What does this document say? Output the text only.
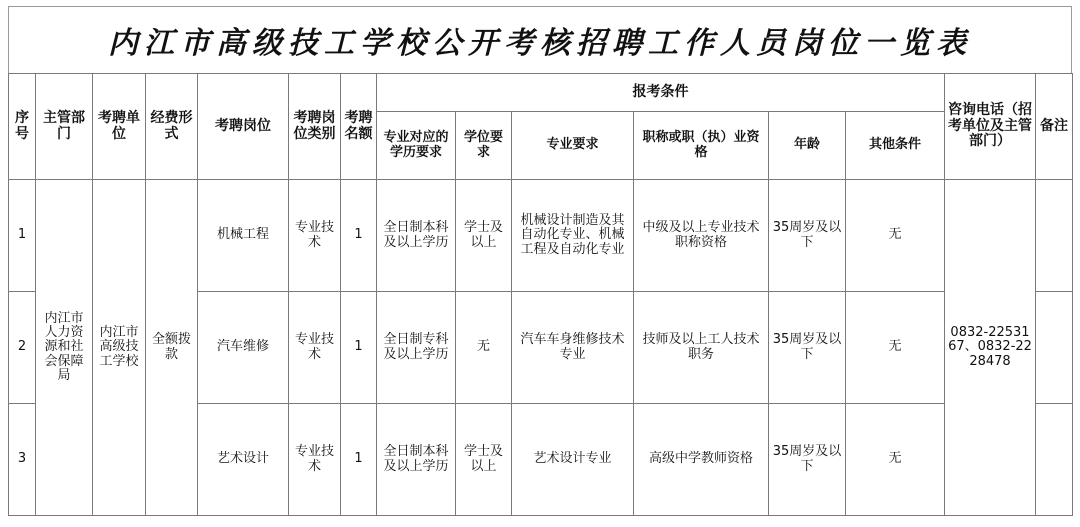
内江市高级技工学校公开考核招聘工作人员岗位一览表
序号	主管部门	考聘单位	经费形式	考聘岗位	考聘岗位类别	考聘名额	报考条件						咨询电话（招考单位及主管部门）	备注
							专业对应的学历要求	学位要求	专业要求	职称或职（执）业资格	年龄	其他条件		
1	内江市人力资源和社会保障局	内江市高级技工学校	全额拨款	机械工程	专业技术	1	全日制本科及以上学历	学士及以上	机械设计制造及其自动化专业、机械工程及自动化专业	中级及以上专业技术职称资格	35周岁及以下	无	0832-2253167、0832-2228478	
2				汽车维修	专业技术	1	全日制专科及以上学历	无	汽车车身维修技术专业	技师及以上工人技术职务	35周岁及以下	无		
3				艺术设计	专业技术	1	全日制本科及以上学历	学士及以上	艺术设计专业	高级中学教师资格	35周岁及以下	无		
